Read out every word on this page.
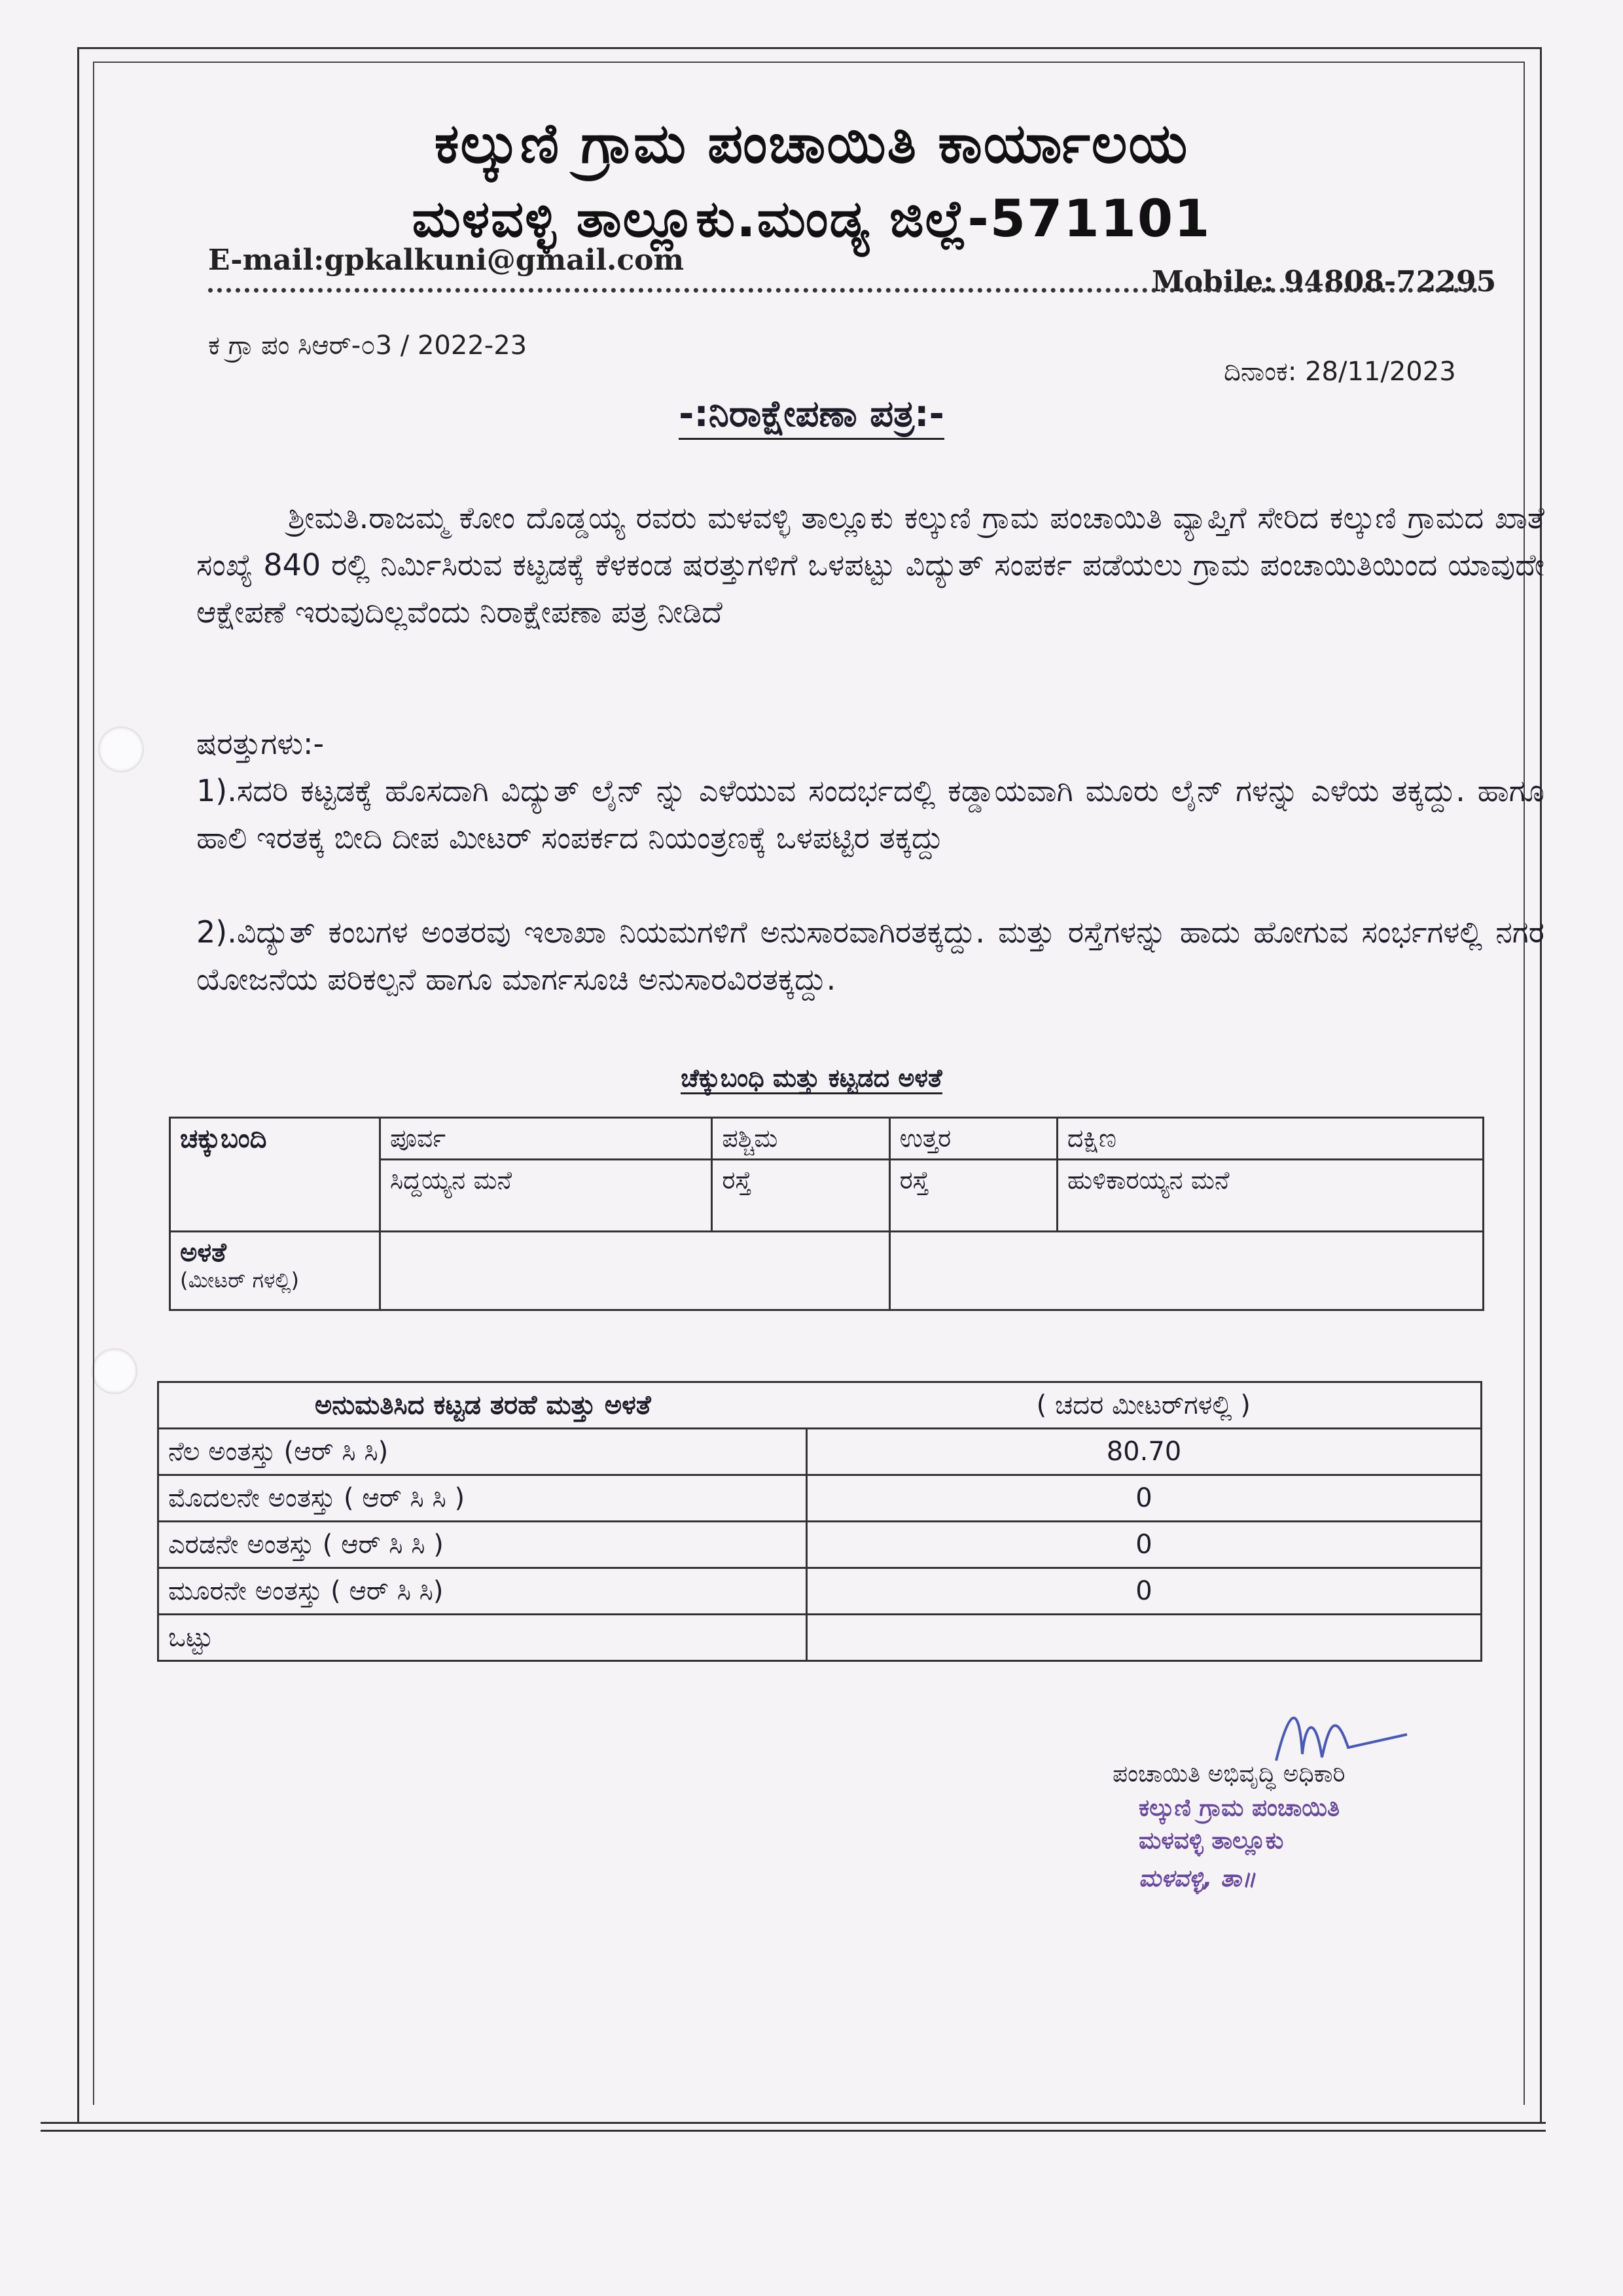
ಕಲ್ಕುಣಿ ಗ್ರಾಮ ಪಂಚಾಯಿತಿ ಕಾರ್ಯಾಲಯ
ಮಳವಳ್ಳಿ ತಾಲ್ಲೂಕು.ಮಂಡ್ಯ ಜಿಲ್ಲೆ-571101
E-mail:gpkalkuni@gmail.com
Mobile: 94808-72295
ಕ ಗ್ರಾ ಪಂ ಸಿಆರ್-೦3 / 2022-23
ದಿನಾಂಕ: 28/11/2023
-:ನಿರಾಕ್ಷೇಪಣಾ ಪತ್ರ:-
ಶ್ರೀಮತಿ.ರಾಜಮ್ಮ ಕೋಂ ದೊಡ್ಡಯ್ಯ ರವರು ಮಳವಳ್ಳಿ ತಾಲ್ಲೂಕು ಕಲ್ಕುಣಿ ಗ್ರಾಮ ಪಂಚಾಯಿತಿ ವ್ಯಾಪ್ತಿಗೆ ಸೇರಿದ ಕಲ್ಕುಣಿ ಗ್ರಾಮದ ಖಾತೆ ಸಂಖ್ಯೆ 840 ರಲ್ಲಿ ನಿರ್ಮಿಸಿರುವ ಕಟ್ಟಡಕ್ಕೆ ಕೆಳಕಂಡ ಷರತ್ತುಗಳಿಗೆ ಒಳಪಟ್ಟು ವಿದ್ಯುತ್ ಸಂಪರ್ಕ ಪಡೆಯಲು ಗ್ರಾಮ ಪಂಚಾಯಿತಿಯಿಂದ ಯಾವುದೇ ಆಕ್ಷೇಪಣೆ ಇರುವುದಿಲ್ಲವೆಂದು ನಿರಾಕ್ಷೇಪಣಾ ಪತ್ರ ನೀಡಿದೆ
ಷರತ್ತುಗಳು:-
1).ಸದರಿ ಕಟ್ಟಡಕ್ಕೆ ಹೊಸದಾಗಿ ವಿದ್ಯುತ್ ಲೈನ್ ನ್ನು ಎಳೆಯುವ ಸಂದರ್ಭದಲ್ಲಿ ಕಡ್ಡಾಯವಾಗಿ ಮೂರು ಲೈನ್ ಗಳನ್ನು ಎಳೆಯ ತಕ್ಕದ್ದು. ಹಾಗೂ ಹಾಲಿ ಇರತಕ್ಕ ಬೀದಿ ದೀಪ ಮೀಟರ್ ಸಂಪರ್ಕದ ನಿಯಂತ್ರಣಕ್ಕೆ ಒಳಪಟ್ಟಿರ ತಕ್ಕದ್ದು
2).ವಿದ್ಯುತ್ ಕಂಬಗಳ ಅಂತರವು ಇಲಾಖಾ ನಿಯಮಗಳಿಗೆ ಅನುಸಾರವಾಗಿರತಕ್ಕದ್ದು. ಮತ್ತು ರಸ್ತೆಗಳನ್ನು ಹಾದು ಹೋಗುವ ಸಂರ್ಭಗಳಲ್ಲಿ ನಗರ ಯೋಜನೆಯ ಪರಿಕಲ್ಪನೆ ಹಾಗೂ ಮಾರ್ಗಸೂಚಿ ಅನುಸಾರವಿರತಕ್ಕದ್ದು.
ಚೆಕ್ಕುಬಂಧಿ ಮತ್ತು ಕಟ್ಟಡದ ಅಳತೆ
ಚಕ್ಕುಬಂದಿ	ಪೂರ್ವ	ಪಶ್ಚಿಮ	ಉತ್ತರ	ದಕ್ಷಿಣ
	ಸಿದ್ದಯ್ಯನ ಮನೆ	ರಸ್ತೆ	ರಸ್ತೆ	ಹುಳಿಕಾರಯ್ಯನ ಮನೆ

ಅಳತೆ
(ಮೀಟರ್ ಗಳಲ್ಲಿ)				

ಅನುಮತಿಸಿದ ಕಟ್ಟಡ ತರಹೆ ಮತ್ತು ಅಳತೆ	( ಚದರ ಮೀಟರ್‌ಗಳಲ್ಲಿ )
ನೆಲ ಅಂತಸ್ತು (ಆರ್ ಸಿ ಸಿ)	80.70
ಮೊದಲನೇ ಅಂತಸ್ತು ( ಆರ್ ಸಿ ಸಿ )	0
ಎರಡನೇ ಅಂತಸ್ತು ( ಆರ್ ಸಿ ಸಿ )	0
ಮೂರನೇ ಅಂತಸ್ತು ( ಆರ್ ಸಿ ಸಿ)	0
ಒಟ್ಟು	
ಪಂಚಾಯಿತಿ ಅಭಿವೃದ್ಧಿ ಅಧಿಕಾರಿ
ಕಲ್ಕುಣಿ ಗ್ರಾಮ ಪಂಚಾಯಿತಿ
ಮಳವಳ್ಳಿ ತಾಲ್ಲೂಕು
ಮಳವಳ್ಳಿ, ತಾ॥
